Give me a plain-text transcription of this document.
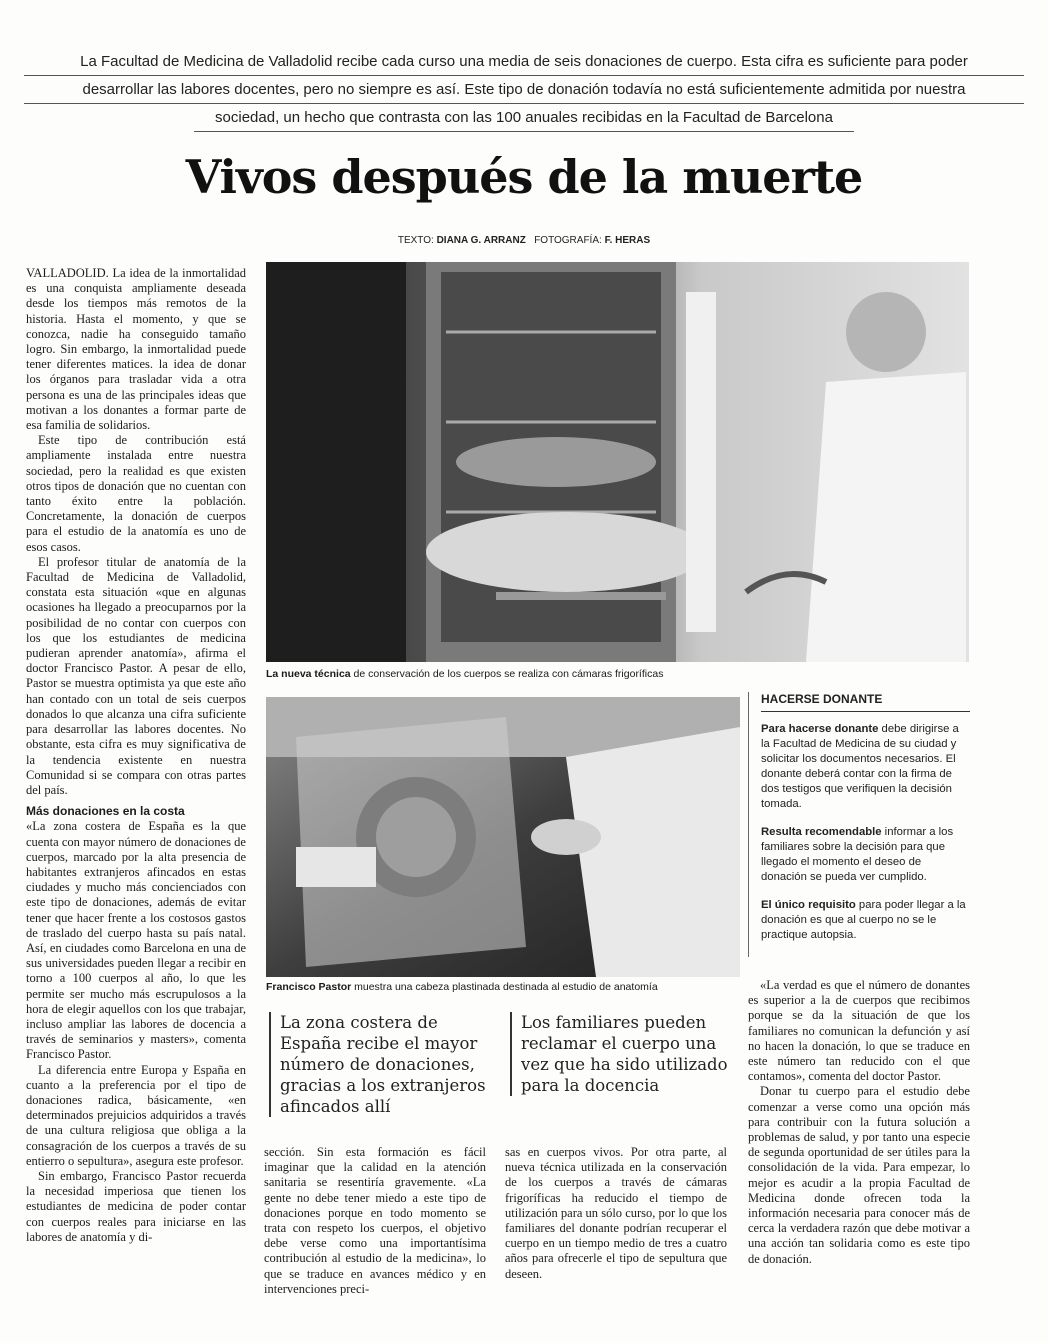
La Facultad de Medicina de Valladolid recibe cada curso una media de seis donaciones de cuerpo. Esta cifra es suficiente para poder
desarrollar las labores docentes, pero no siempre es así. Este tipo de donación todavía no está suficientemente admitida por nuestra
sociedad, un hecho que contrasta con las 100 anuales recibidas en la Facultad de Barcelona
Vivos después de la muerte
TEXTO: DIANA G. ARRANZ FOTOGRAFÍA: F. HERAS

VALLADOLID. La idea de la inmortalidad es una conquista ampliamente deseada desde los tiempos más remotos de la historia. Hasta el momento, y que se conozca, nadie ha conseguido tamaño logro. Sin embargo, la inmortalidad puede tener diferentes matices. la idea de donar los órganos para trasladar vida a otra persona es una de las principales ideas que motivan a los donantes a formar parte de esa familia de solidarios.

Este tipo de contribución está ampliamente instalada entre nuestra sociedad, pero la realidad es que existen otros tipos de donación que no cuentan con tanto éxito entre la población. Concretamente, la donación de cuerpos para el estudio de la anatomía es uno de esos casos.

El profesor titular de anatomía de la Facultad de Medicina de Valladolid, constata esta situación «que en algunas ocasiones ha llegado a preocuparnos por la posibilidad de no contar con cuerpos con los que los estudiantes de medicina pudieran aprender anatomía», afirma el doctor Francisco Pastor. A pesar de ello, Pastor se muestra optimista ya que este año han contado con un total de seis cuerpos donados lo que alcanza una cifra suficiente para desarrollar las labores docentes. No obstante, esta cifra es muy significativa de la tendencia existente en nuestra Comunidad si se compara con otras partes del país.

Más donaciones en la costa

«La zona costera de España es la que cuenta con mayor número de donaciones de cuerpos, marcado por la alta presencia de habitantes extranjeros afincados en estas ciudades y mucho más concienciados con este tipo de donaciones, además de evitar tener que hacer frente a los costosos gastos de traslado del cuerpo hasta su país natal. Así, en ciudades como Barcelona en una de sus universidades pueden llegar a recibir en torno a 100 cuerpos al año, lo que les permite ser mucho más escrupulosos a la hora de elegir aquellos con los que trabajar, incluso ampliar las labores de docencia a través de seminarios y masters», comenta Francisco Pastor.

La diferencia entre Europa y España en cuanto a la preferencia por el tipo de donaciones radica, básicamente, «en determinados prejuicios adquiridos a través de una cultura religiosa que obliga a la consagración de los cuerpos a través de su entierro o sepultura», asegura este profesor.

Sin embargo, Francisco Pastor recuerda la necesidad imperiosa que tienen los estudiantes de medicina de poder contar con cuerpos reales para iniciarse en las labores de anatomía y di-

La nueva técnica de conservación de los cuerpos se realiza con cámaras frigoríficas
Francisco Pastor muestra una cabeza plastinada destinada al estudio de anatomía
HACERSE DONANTE

Para hacerse donante debe dirigirse a la Facultad de Medicina de su ciudad y solicitar los documentos necesarios. El donante deberá contar con la firma de dos testigos que verifiquen la decisión tomada.

Resulta recomendable informar a los familiares sobre la decisión para que llegado el momento el deseo de donación se pueda ver cumplido.

El único requisito para poder llegar a la donación es que al cuerpo no se le practique autopsia.

La zona costera de España recibe el mayor número de donaciones, gracias a los extranjeros afincados allí
Los familiares pueden reclamar el cuerpo una vez que ha sido utilizado para la docencia

sección. Sin esta formación es fácil imaginar que la calidad en la atención sanitaria se resentiría gravemente. «La gente no debe tener miedo a este tipo de donaciones porque en todo momento se trata con respeto los cuerpos, el objetivo debe verse como una importantísima contribución al estudio de la medicina», lo que se traduce en avances médico y en intervenciones preci-

sas en cuerpos vivos. Por otra parte, al nueva técnica utilizada en la conservación de los cuerpos a través de cámaras frigoríficas ha reducido el tiempo de utilización para un sólo curso, por lo que los familiares del donante podrían recuperar el cuerpo en un tiempo medio de tres a cuatro años para ofrecerle el tipo de sepultura que deseen.

«La verdad es que el número de donantes es superior a la de cuerpos que recibimos porque se da la situación de que los familiares no comunican la defunción y así no hacen la donación, lo que se traduce en este número tan reducido con el que contamos», comenta del doctor Pastor.

Donar tu cuerpo para el estudio debe comenzar a verse como una opción más para contribuir con la futura solución a problemas de salud, y por tanto una especie de segunda oportunidad de ser útiles para la consolidación de la vida. Para empezar, lo mejor es acudir a la propia Facultad de Medicina donde ofrecen toda la información necesaria para conocer más de cerca la verdadera razón que debe motivar a una acción tan solidaria como es este tipo de donación.
